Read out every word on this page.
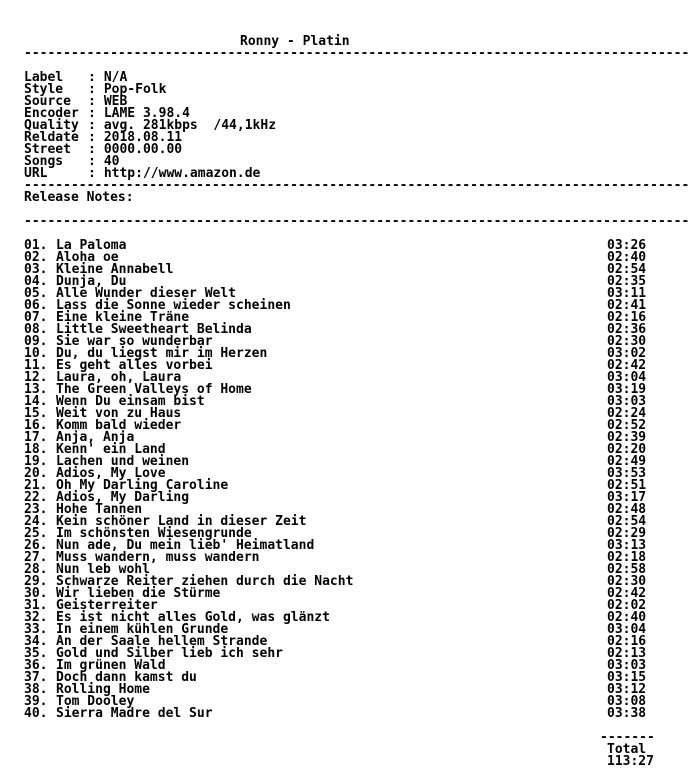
Ronny - Platin
-----
Label : N/A
Style : Pop-Folk
Source : WEB
Encoder : LAME 3.98.4
Quality : avg. 281kbps  /44,1kHz
Reldate : 2018.08.11
Street : 0000.00.00
Songs : 40
URL	: http://www.amazon.de
-----
Release Notes:
-----
01. La Paloma	03:26
02. Aloha oe	02:40
03. Kleine Annabell	02:54
04. Dunja, Du	02:35
05. Alle Wunder dieser Welt	03:11
06. Lass die Sonne wieder scheinen	02:41
07. Eine kleine Träne	02:16
08. Little Sweetheart Belinda	02:36
09. Sie war so wunderbar	02:30
10. Du, du liegst mir im Herzen	03:02
11. Es geht alles vorbei	02:42
12. Laura, oh, Laura	03:04
13. The Green Valleys of Home	03:19
14. Wenn Du einsam bist	03:03
15. Weit von zu Haus	02:24
16. Komm bald wieder	02:52
17. Anja, Anja	02:39
18. Kenn' ein Land	02:20
19. Lachen und weinen	02:49
20. Adios, My Love	03:53
21. Oh My Darling Caroline	02:51
22. Adios, My Darling	03:17
23. Hohe Tannen	02:48
24. Kein schöner Land in dieser Zeit	02:54
25. Im schönsten Wiesengrunde	02:29
26. Nun ade, Du mein lieb' Heimatland	03:13
27. Muss wandern, muss wandern	02:18
28. Nun leb wohl	02:58
29. Schwarze Reiter ziehen durch die Nacht	02:30
30. Wir lieben die Stürme	02:42
31. Geisterreiter	02:02
32. Es ist nicht alles Gold, was glänzt	02:40
33. In einem kühlen Grunde	03:04
34. An der Saale hellem Strande	02:16
35. Gold und Silber lieb ich sehr	02:13
36. Im grünen Wald	03:03
37. Doch dann kamst du	03:15
38. Rolling Home	03:12
39. Tom Dooley	03:08
40. Sierra Madre del Sur	03:38
-------
Total
113:27
